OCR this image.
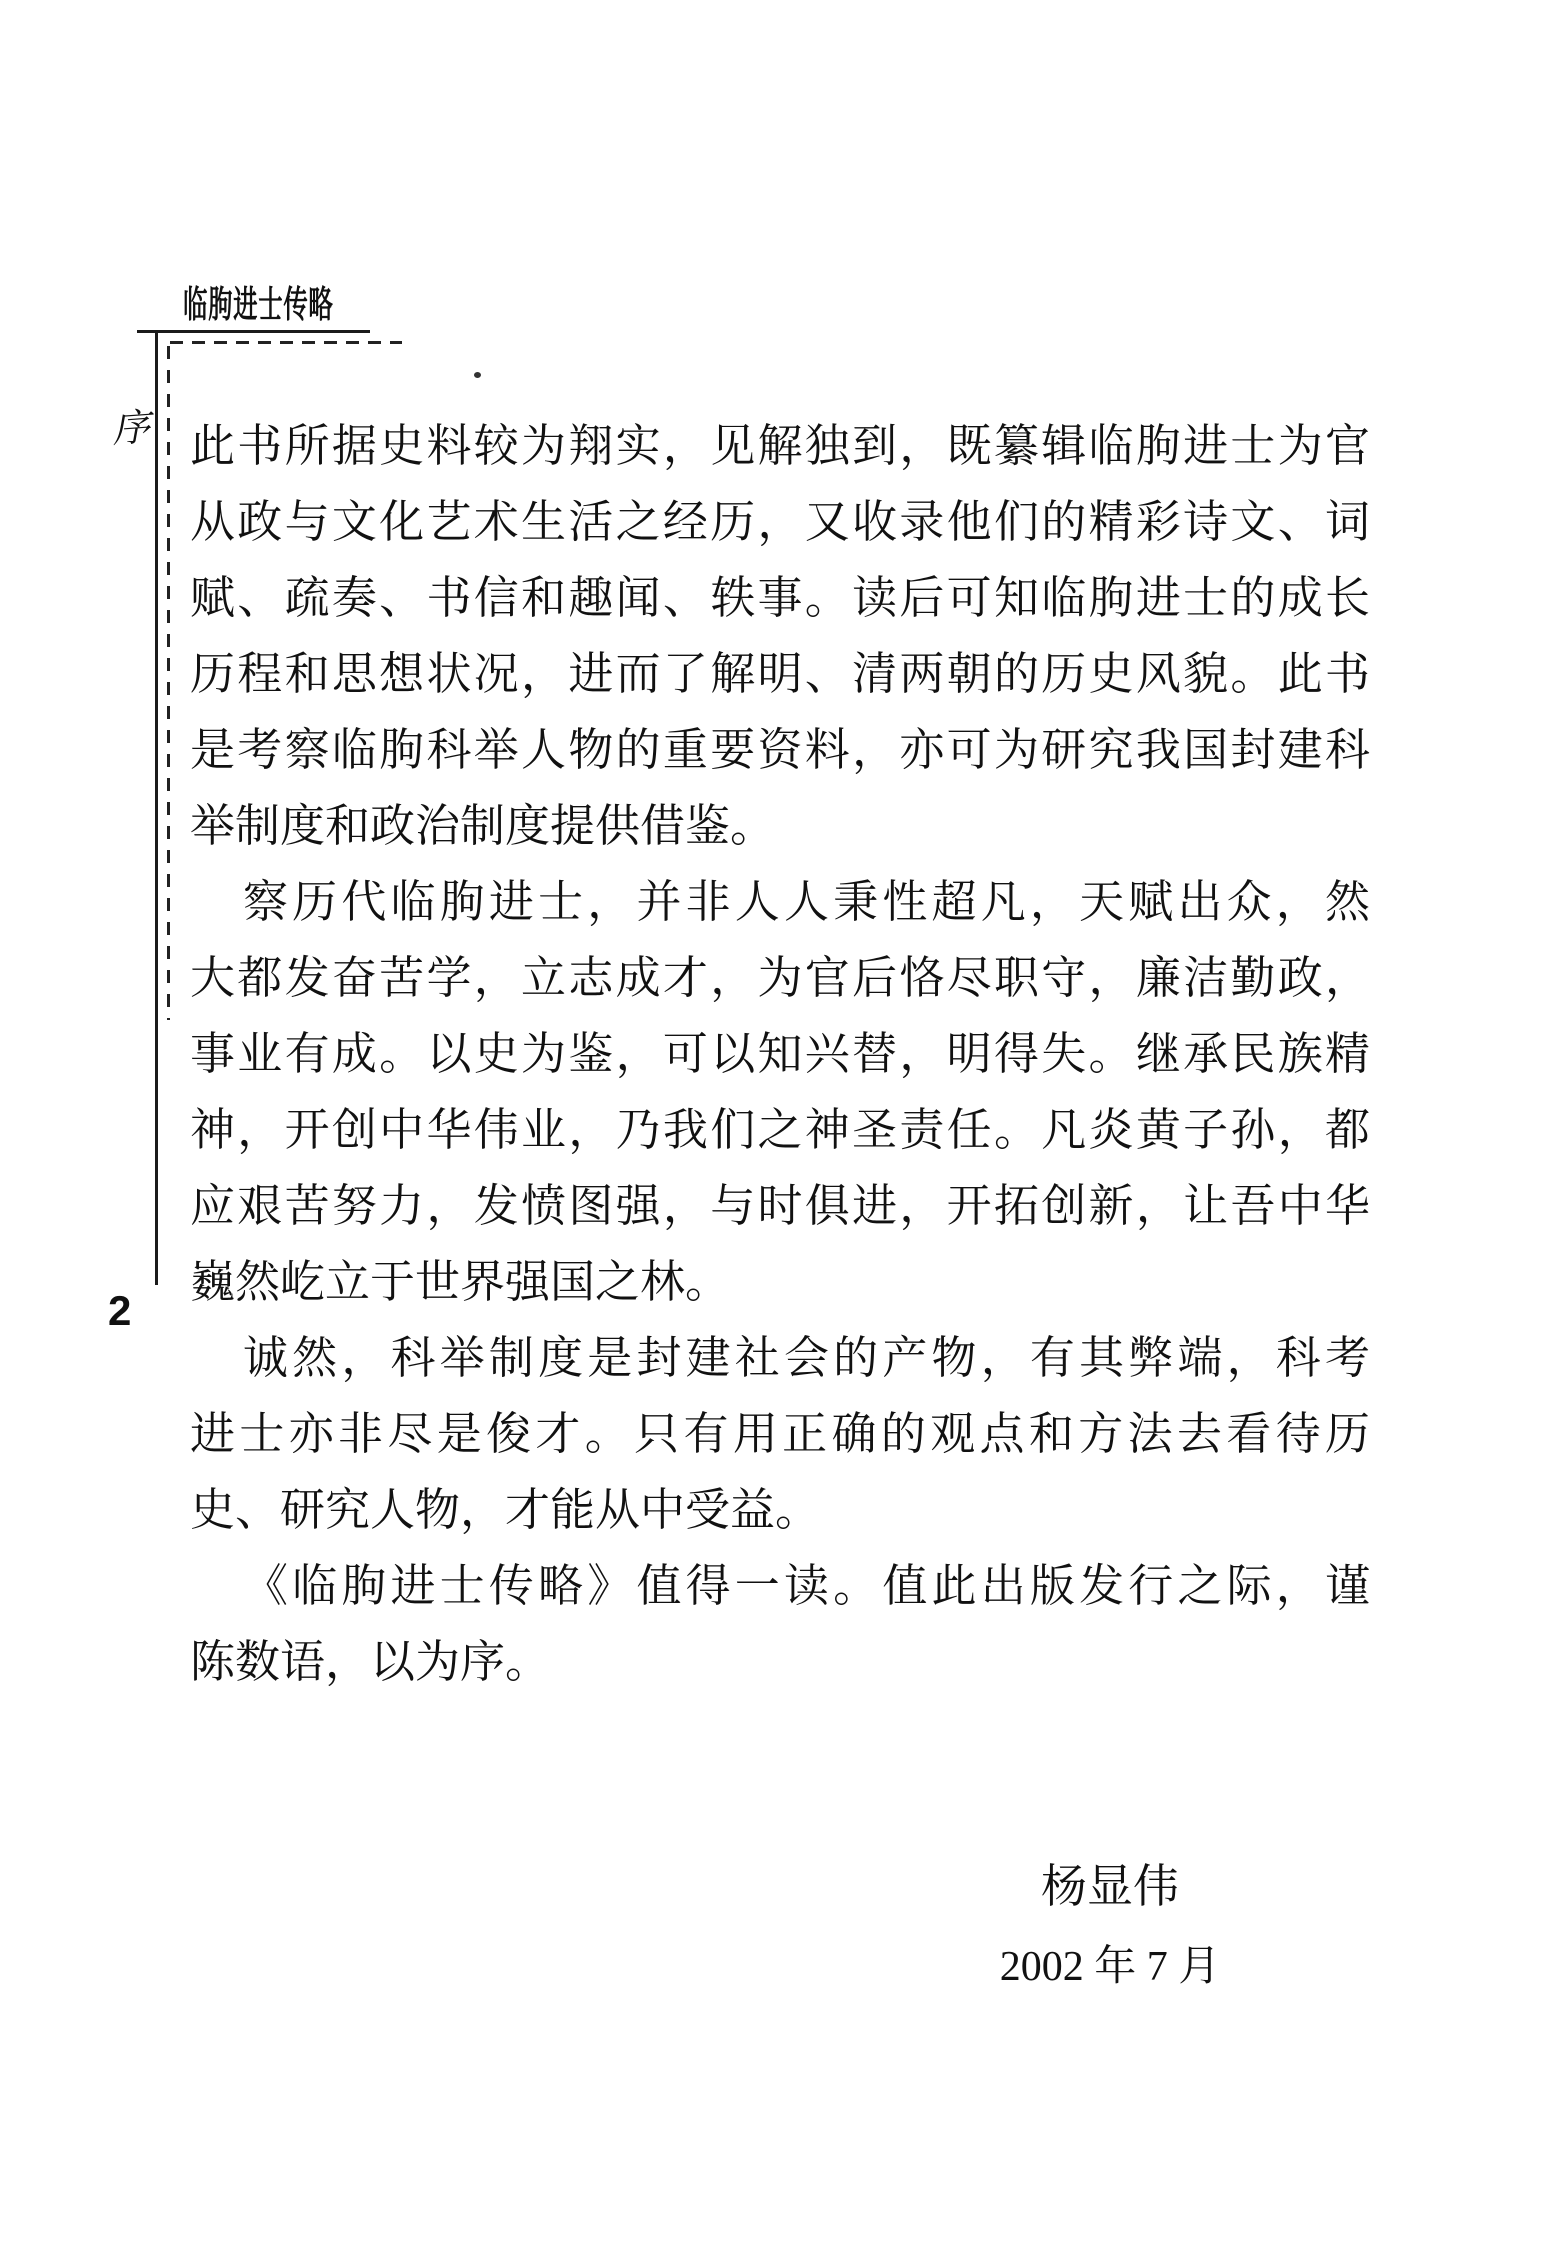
临朐进士传略
序
2
此书所据史料较为翔实，见解独到，既纂辑临朐进士为官
从政与文化艺术生活之经历，又收录他们的精彩诗文、词
赋、疏奏、书信和趣闻、轶事。读后可知临朐进士的成长
历程和思想状况，进而了解明、清两朝的历史风貌。此书
是考察临朐科举人物的重要资料，亦可为研究我国封建科
举制度和政治制度提供借鉴。
察历代临朐进士，并非人人秉性超凡，天赋出众，然
大都发奋苦学，立志成才，为官后恪尽职守，廉洁勤政，
事业有成。以史为鉴，可以知兴替，明得失。继承民族精
神，开创中华伟业，乃我们之神圣责任。凡炎黄子孙，都
应艰苦努力，发愤图强，与时俱进，开拓创新，让吾中华
巍然屹立于世界强国之林。
诚然，科举制度是封建社会的产物，有其弊端，科考
进士亦非尽是俊才。只有用正确的观点和方法去看待历
史、研究人物，才能从中受益。
《临朐进士传略》值得一读。值此出版发行之际，谨
陈数语，以为序。
杨显伟
2002 年 7 月
